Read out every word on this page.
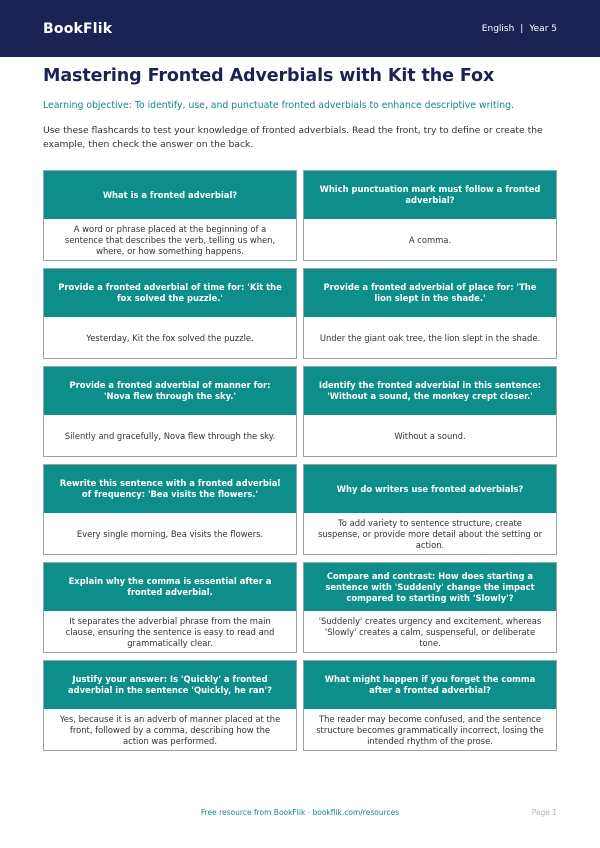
BookFlik	English | Year 5
Mastering Fronted Adverbials with Kit the Fox

Learning objective: To identify, use, and punctuate fronted adverbials to enhance descriptive writing.

Use these flashcards to test your knowledge of fronted adverbials. Read the front, try to define or create the example, then check the answer on the back.

What is a fronted adverbial?
A word or phrase placed at the beginning of a sentence that describes the verb, telling us when, where, or how something happens.
Which punctuation mark must follow a fronted adverbial?
A comma.
Provide a fronted adverbial of time for: 'Kit the fox solved the puzzle.'
Yesterday, Kit the fox solved the puzzle.
Provide a fronted adverbial of place for: 'The lion slept in the shade.'
Under the giant oak tree, the lion slept in the shade.
Provide a fronted adverbial of manner for: 'Nova flew through the sky.'
Silently and gracefully, Nova flew through the sky.
Identify the fronted adverbial in this sentence: 'Without a sound, the monkey crept closer.'
Without a sound.
Rewrite this sentence with a fronted adverbial of frequency: 'Bea visits the flowers.'
Every single morning, Bea visits the flowers.
Why do writers use fronted adverbials?
To add variety to sentence structure, create suspense, or provide more detail about the setting or action.
Explain why the comma is essential after a fronted adverbial.
It separates the adverbial phrase from the main clause, ensuring the sentence is easy to read and grammatically clear.
Compare and contrast: How does starting a sentence with 'Suddenly' change the impact compared to starting with 'Slowly'?
'Suddenly' creates urgency and excitement, whereas 'Slowly' creates a calm, suspenseful, or deliberate tone.
Justify your answer: Is 'Quickly' a fronted adverbial in the sentence 'Quickly, he ran'?
Yes, because it is an adverb of manner placed at the front, followed by a comma, describing how the action was performed.
What might happen if you forget the comma after a fronted adverbial?
The reader may become confused, and the sentence structure becomes grammatically incorrect, losing the intended rhythm of the prose.
Free resource from BookFlik · bookflik.com/resources	Page 1
